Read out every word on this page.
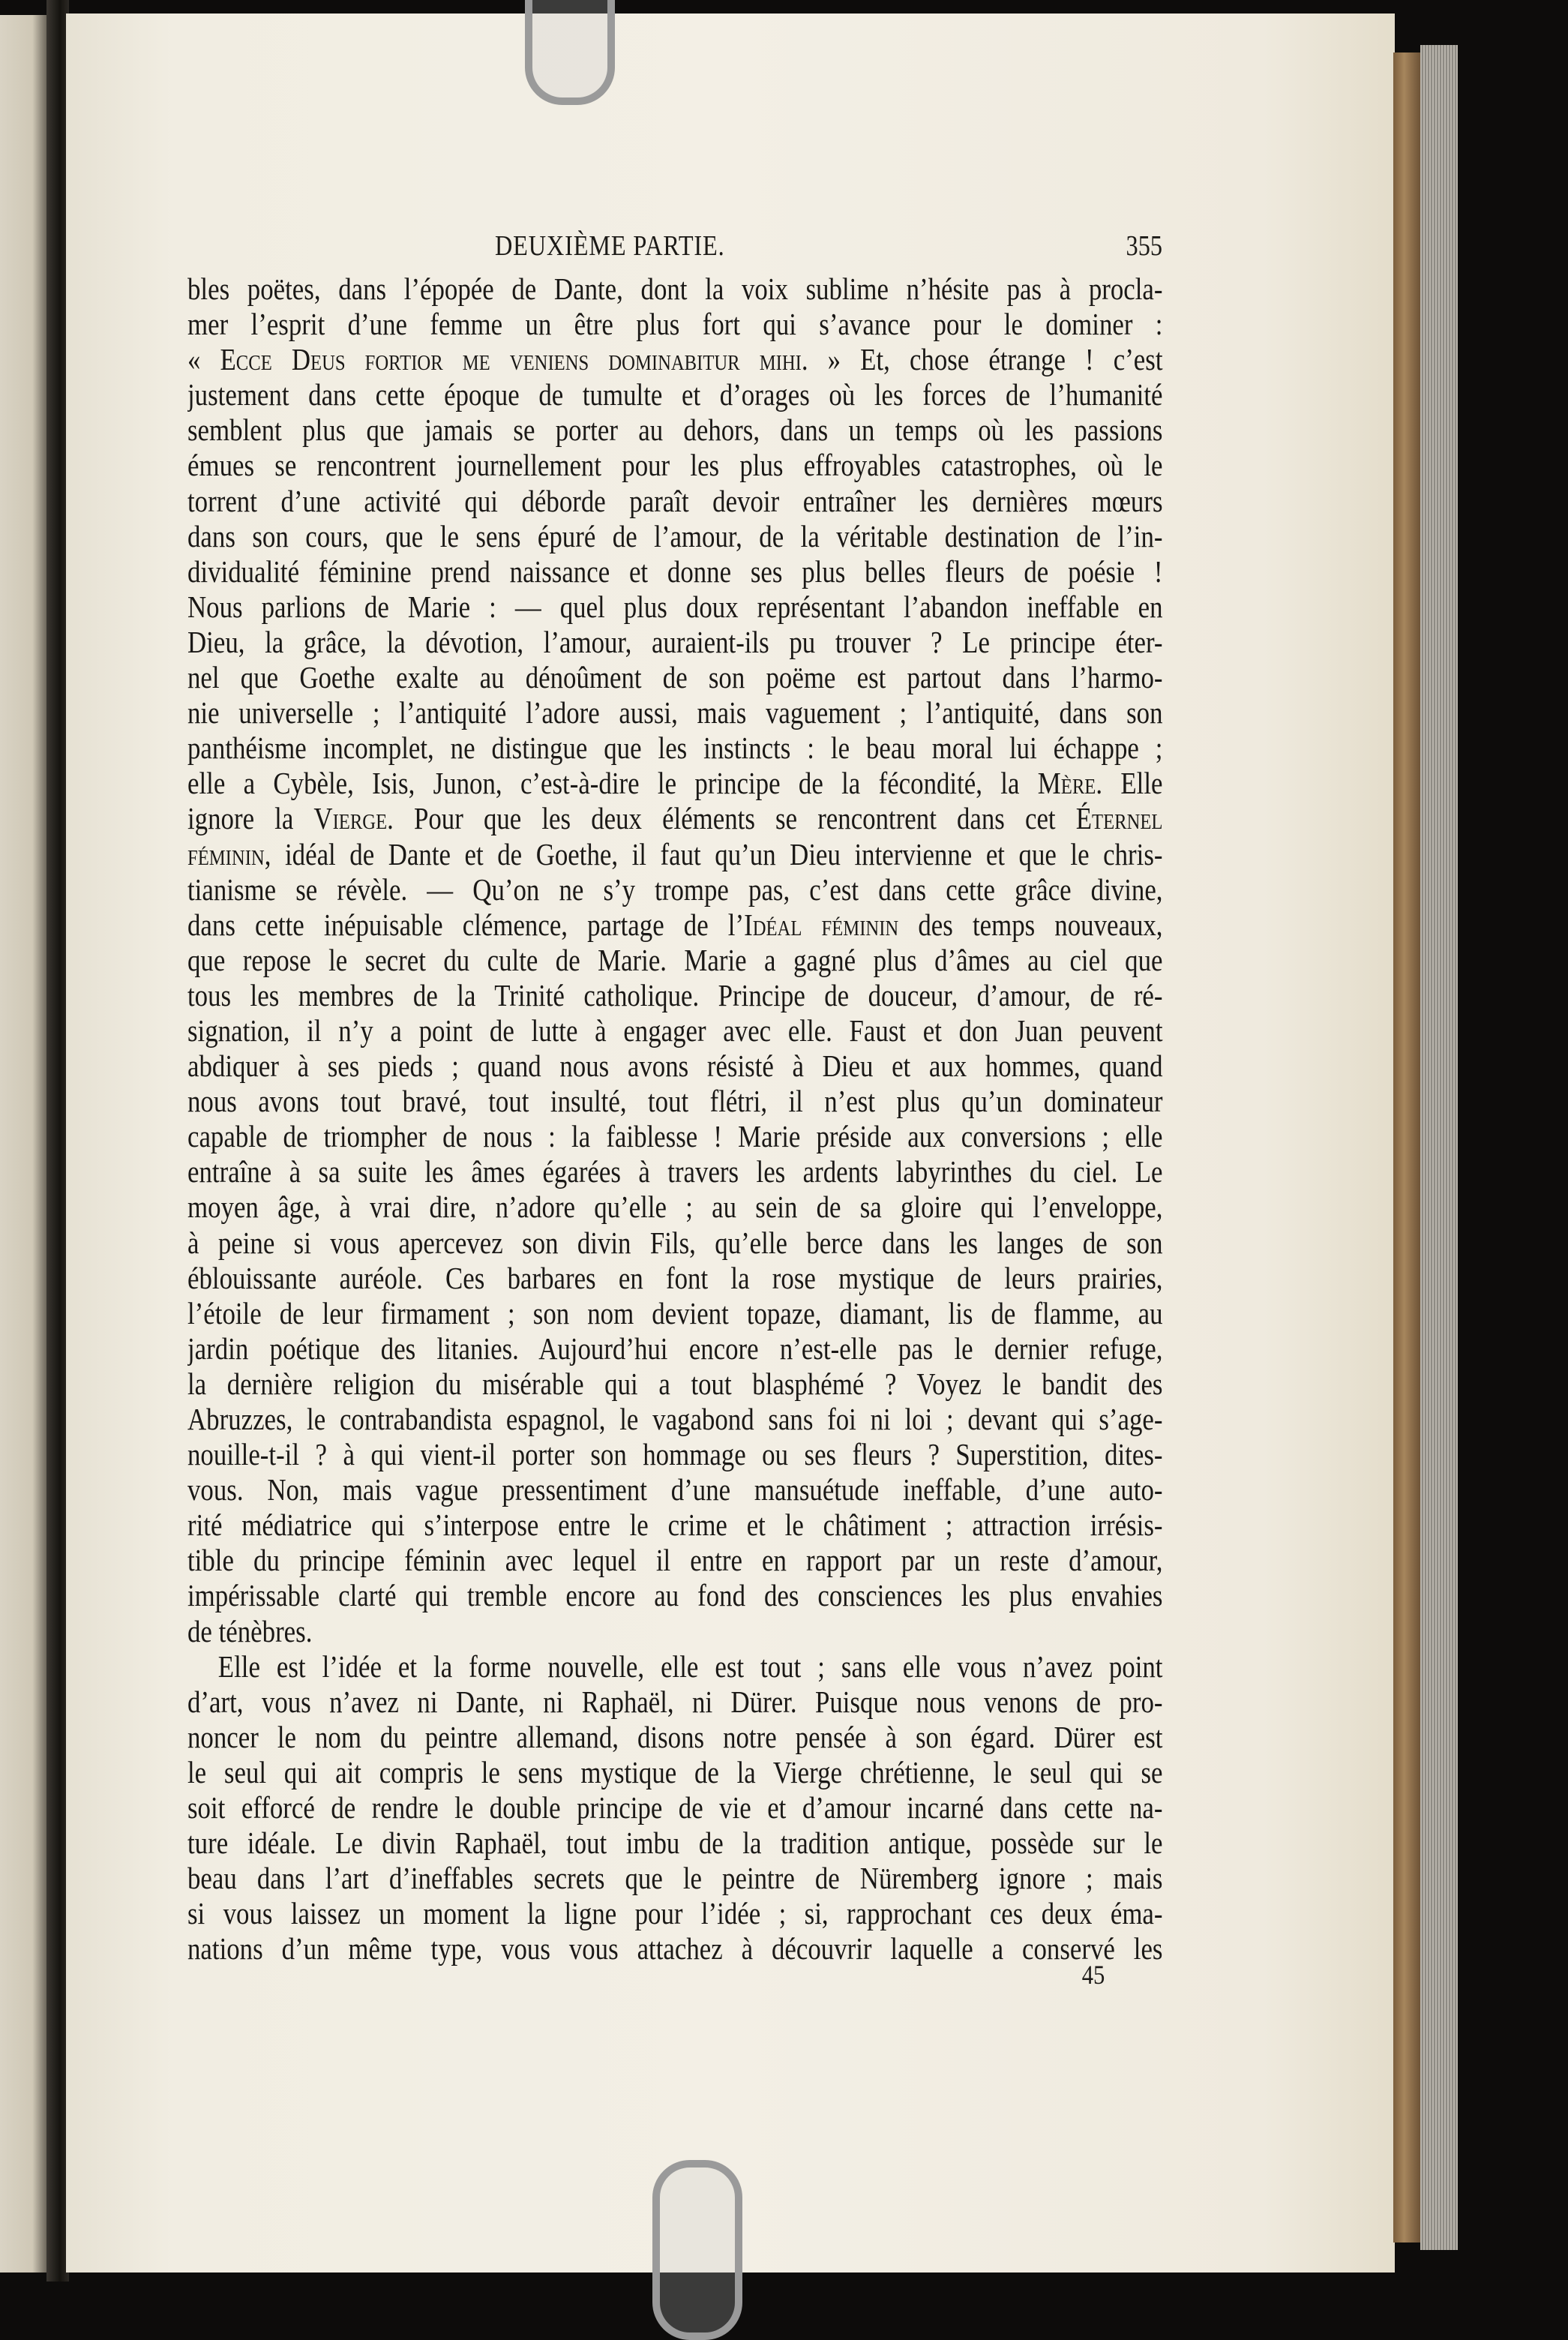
DEUXIÈME PARTIE.	355
bles poëtes, dans l’épopée de Dante, dont la voix sublime n’hésite pas à procla-
mer l’esprit d’une femme un être plus fort qui s’avance pour le dominer :
« Ecce Deus fortior me veniens dominabitur mihi. » Et, chose étrange ! c’est
justement dans cette époque de tumulte et d’orages où les forces de l’humanité
semblent plus que jamais se porter au dehors, dans un temps où les passions
émues se rencontrent journellement pour les plus effroyables catastrophes, où le
torrent d’une activité qui déborde paraît devoir entraîner les dernières mœurs
dans son cours, que le sens épuré de l’amour, de la véritable destination de l’in-
dividualité féminine prend naissance et donne ses plus belles fleurs de poésie !
Nous parlions de Marie : — quel plus doux représentant l’abandon ineffable en
Dieu, la grâce, la dévotion, l’amour, auraient-ils pu trouver ? Le principe éter-
nel que Goethe exalte au dénoûment de son poëme est partout dans l’harmo-
nie universelle ; l’antiquité l’adore aussi, mais vaguement ; l’antiquité, dans son
panthéisme incomplet, ne distingue que les instincts : le beau moral lui échappe ;
elle a Cybèle, Isis, Junon, c’est-à-dire le principe de la fécondité, la Mère. Elle
ignore la Vierge. Pour que les deux éléments se rencontrent dans cet Éternel
féminin, idéal de Dante et de Goethe, il faut qu’un Dieu intervienne et que le chris-
tianisme se révèle. — Qu’on ne s’y trompe pas, c’est dans cette grâce divine,
dans cette inépuisable clémence, partage de l’Idéal féminin des temps nouveaux,
que repose le secret du culte de Marie. Marie a gagné plus d’âmes au ciel que
tous les membres de la Trinité catholique. Principe de douceur, d’amour, de ré-
signation, il n’y a point de lutte à engager avec elle. Faust et don Juan peuvent
abdiquer à ses pieds ; quand nous avons résisté à Dieu et aux hommes, quand
nous avons tout bravé, tout insulté, tout flétri, il n’est plus qu’un dominateur
capable de triompher de nous : la faiblesse ! Marie préside aux conversions ; elle
entraîne à sa suite les âmes égarées à travers les ardents labyrinthes du ciel. Le
moyen âge, à vrai dire, n’adore qu’elle ; au sein de sa gloire qui l’enveloppe,
à peine si vous apercevez son divin Fils, qu’elle berce dans les langes de son
éblouissante auréole. Ces barbares en font la rose mystique de leurs prairies,
l’étoile de leur firmament ; son nom devient topaze, diamant, lis de flamme, au
jardin poétique des litanies. Aujourd’hui encore n’est-elle pas le dernier refuge,
la dernière religion du misérable qui a tout blasphémé ? Voyez le bandit des
Abruzzes, le contrabandista espagnol, le vagabond sans foi ni loi ; devant qui s’age-
nouille-t-il ? à qui vient-il porter son hommage ou ses fleurs ? Superstition, dites-
vous. Non, mais vague pressentiment d’une mansuétude ineffable, d’une auto-
rité médiatrice qui s’interpose entre le crime et le châtiment ; attraction irrésis-
tible du principe féminin avec lequel il entre en rapport par un reste d’amour,
impérissable clarté qui tremble encore au fond des consciences les plus envahies
de ténèbres.
Elle est l’idée et la forme nouvelle, elle est tout ; sans elle vous n’avez point
d’art, vous n’avez ni Dante, ni Raphaël, ni Dürer. Puisque nous venons de pro-
noncer le nom du peintre allemand, disons notre pensée à son égard. Dürer est
le seul qui ait compris le sens mystique de la Vierge chrétienne, le seul qui se
soit efforcé de rendre le double principe de vie et d’amour incarné dans cette na-
ture idéale. Le divin Raphaël, tout imbu de la tradition antique, possède sur le
beau dans l’art d’ineffables secrets que le peintre de Nüremberg ignore ; mais
si vous laissez un moment la ligne pour l’idée ; si, rapprochant ces deux éma-
nations d’un même type, vous vous attachez à découvrir laquelle a conservé les
45
